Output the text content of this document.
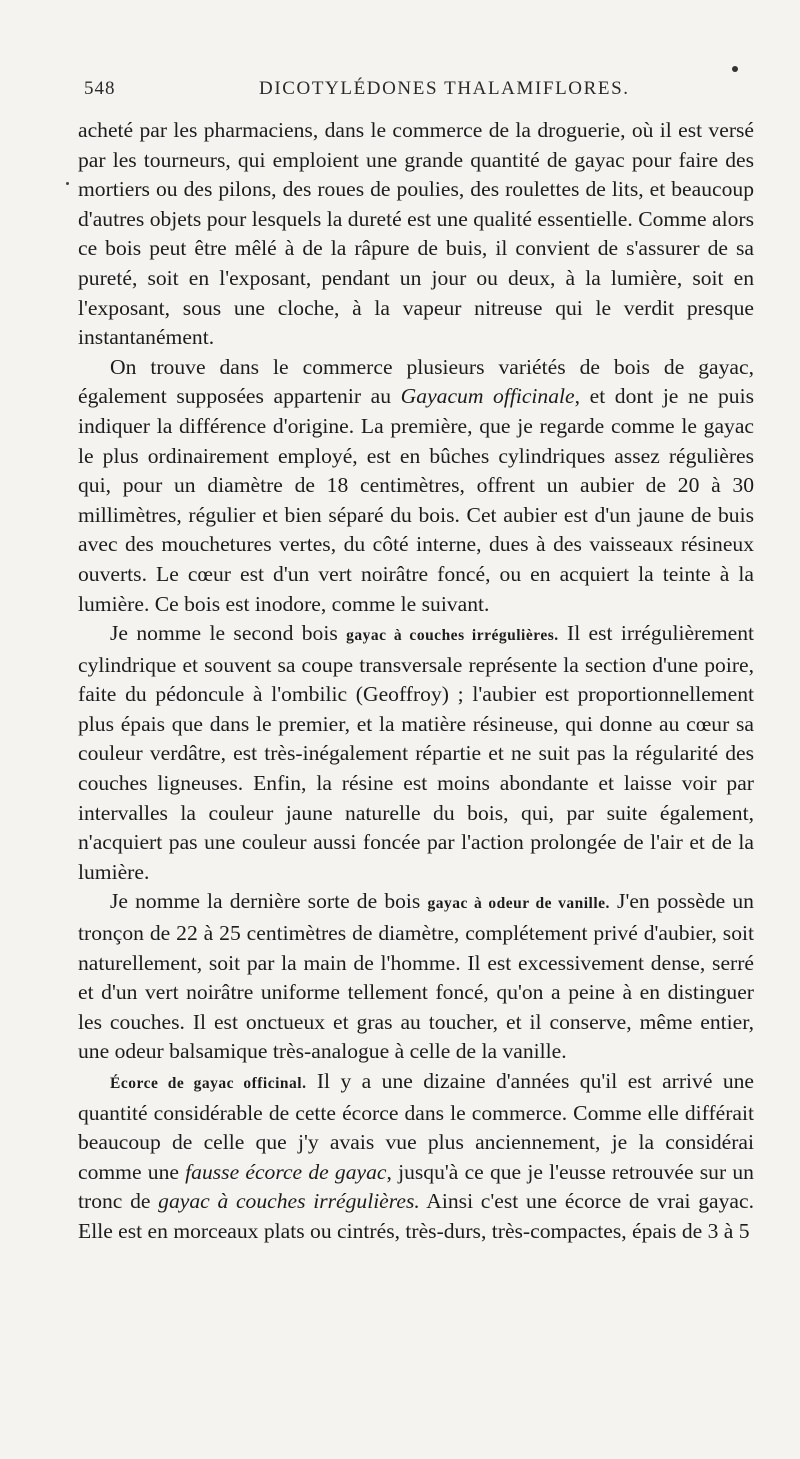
548	DICOTYLÉDONES THALAMIFLORES.

acheté par les pharmaciens, dans le commerce de la droguerie, où il est versé par les tourneurs, qui emploient une grande quantité de gayac pour faire des mortiers ou des pilons, des roues de poulies, des roulettes de lits, et beaucoup d'autres objets pour lesquels la dureté est une qualité essentielle. Comme alors ce bois peut être mêlé à de la râpure de buis, il convient de s'assurer de sa pureté, soit en l'exposant, pendant un jour ou deux, à la lumière, soit en l'exposant, sous une cloche, à la vapeur nitreuse qui le verdit presque instantanément.

On trouve dans le commerce plusieurs variétés de bois de gayac, également supposées appartenir au Gayacum officinale, et dont je ne puis indiquer la différence d'origine. La première, que je regarde comme le gayac le plus ordinairement employé, est en bûches cylindriques assez régulières qui, pour un diamètre de 18 centimètres, offrent un aubier de 20 à 30 millimètres, régulier et bien séparé du bois. Cet aubier est d'un jaune de buis avec des mouchetures vertes, du côté interne, dues à des vaisseaux résineux ouverts. Le cœur est d'un vert noirâtre foncé, ou en acquiert la teinte à la lumière. Ce bois est inodore, comme le suivant.

Je nomme le second bois gayac à couches irrégulières. Il est irrégulièrement cylindrique et souvent sa coupe transversale représente la section d'une poire, faite du pédoncule à l'ombilic (Geoffroy) ; l'aubier est proportionnellement plus épais que dans le premier, et la matière résineuse, qui donne au cœur sa couleur verdâtre, est très-inégalement répartie et ne suit pas la régularité des couches ligneuses. Enfin, la résine est moins abondante et laisse voir par intervalles la couleur jaune naturelle du bois, qui, par suite également, n'acquiert pas une couleur aussi foncée par l'action prolongée de l'air et de la lumière.

Je nomme la dernière sorte de bois gayac à odeur de vanille. J'en possède un tronçon de 22 à 25 centimètres de diamètre, complétement privé d'aubier, soit naturellement, soit par la main de l'homme. Il est excessivement dense, serré et d'un vert noirâtre uniforme tellement foncé, qu'on a peine à en distinguer les couches. Il est onctueux et gras au toucher, et il conserve, même entier, une odeur balsamique très-analogue à celle de la vanille.

Écorce de gayac officinal. Il y a une dizaine d'années qu'il est arrivé une quantité considérable de cette écorce dans le commerce. Comme elle différait beaucoup de celle que j'y avais vue plus anciennement, je la considérai comme une fausse écorce de gayac, jusqu'à ce que je l'eusse retrouvée sur un tronc de gayac à couches irrégulières. Ainsi c'est une écorce de vrai gayac. Elle est en morceaux plats ou cintrés, très-durs, très-compactes, épais de 3 à 5
